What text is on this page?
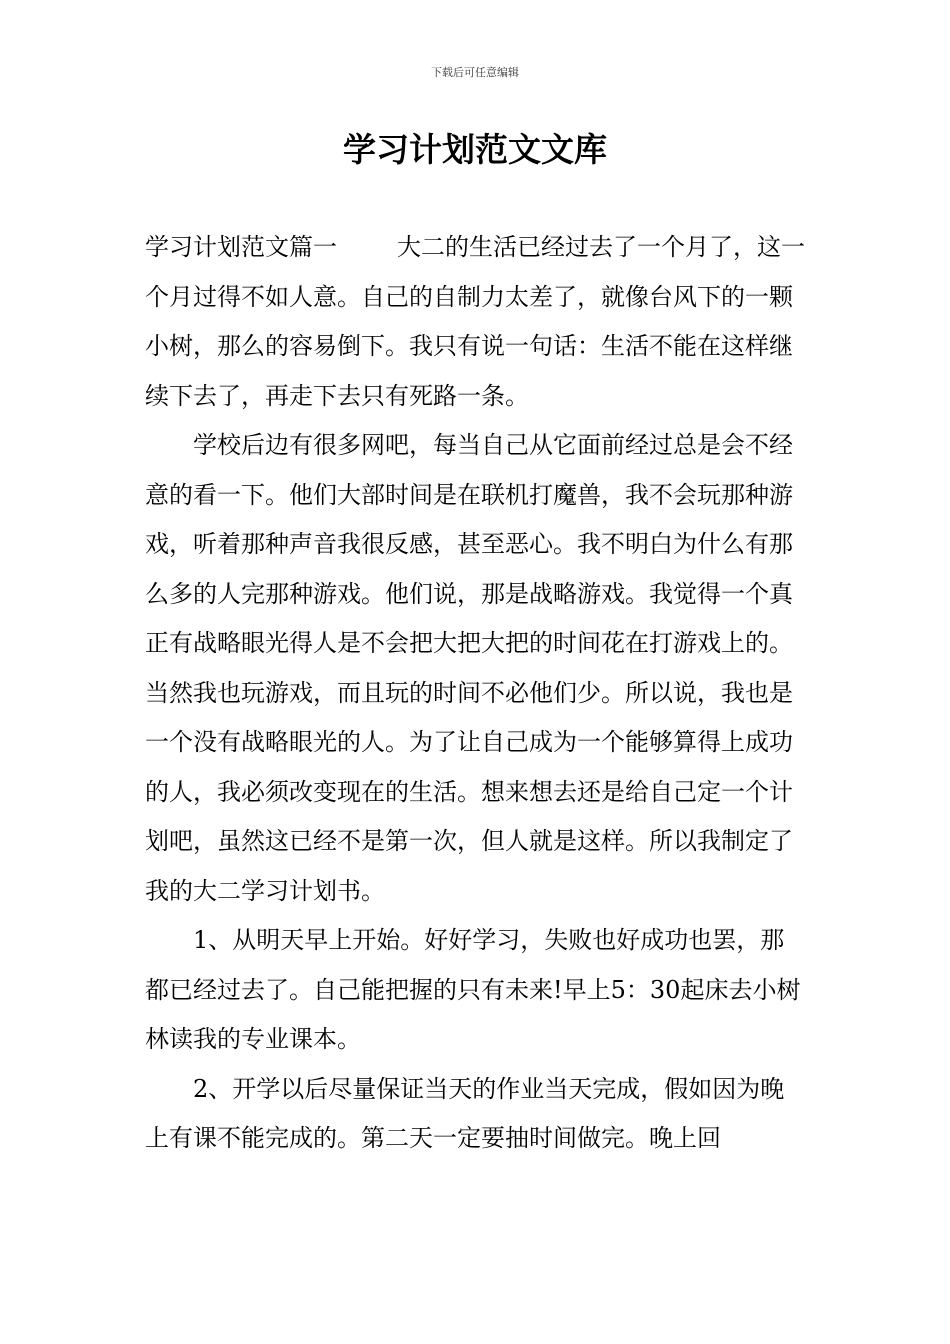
下载后可任意编辑
学习计划范文文库

学习计划范文篇一	大二的生活已经过去了一个月了，这一个月过得不如人意。自己的自制力太差了，就像台风下的一颗小树，那么的容易倒下。我只有说一句话：生活不能在这样继续下去了，再走下去只有死路一条。

学校后边有很多网吧，每当自己从它面前经过总是会不经意的看一下。他们大部时间是在联机打魔兽，我不会玩那种游戏，听着那种声音我很反感，甚至恶心。我不明白为什么有那么多的人完那种游戏。他们说，那是战略游戏。我觉得一个真正有战略眼光得人是不会把大把大把的时间花在打游戏上的。当然我也玩游戏，而且玩的时间不必他们少。所以说，我也是一个没有战略眼光的人。为了让自己成为一个能够算得上成功的人，我必须改变现在的生活。想来想去还是给自己定一个计划吧，虽然这已经不是第一次，但人就是这样。所以我制定了我的大二学习计划书。

1、从明天早上开始。好好学习，失败也好成功也罢，那都已经过去了。自己能把握的只有未来!早上5：30起床去小树林读我的专业课本。

2、开学以后尽量保证当天的作业当天完成，假如因为晚上有课不能完成的。第二天一定要抽时间做完。晚上回
